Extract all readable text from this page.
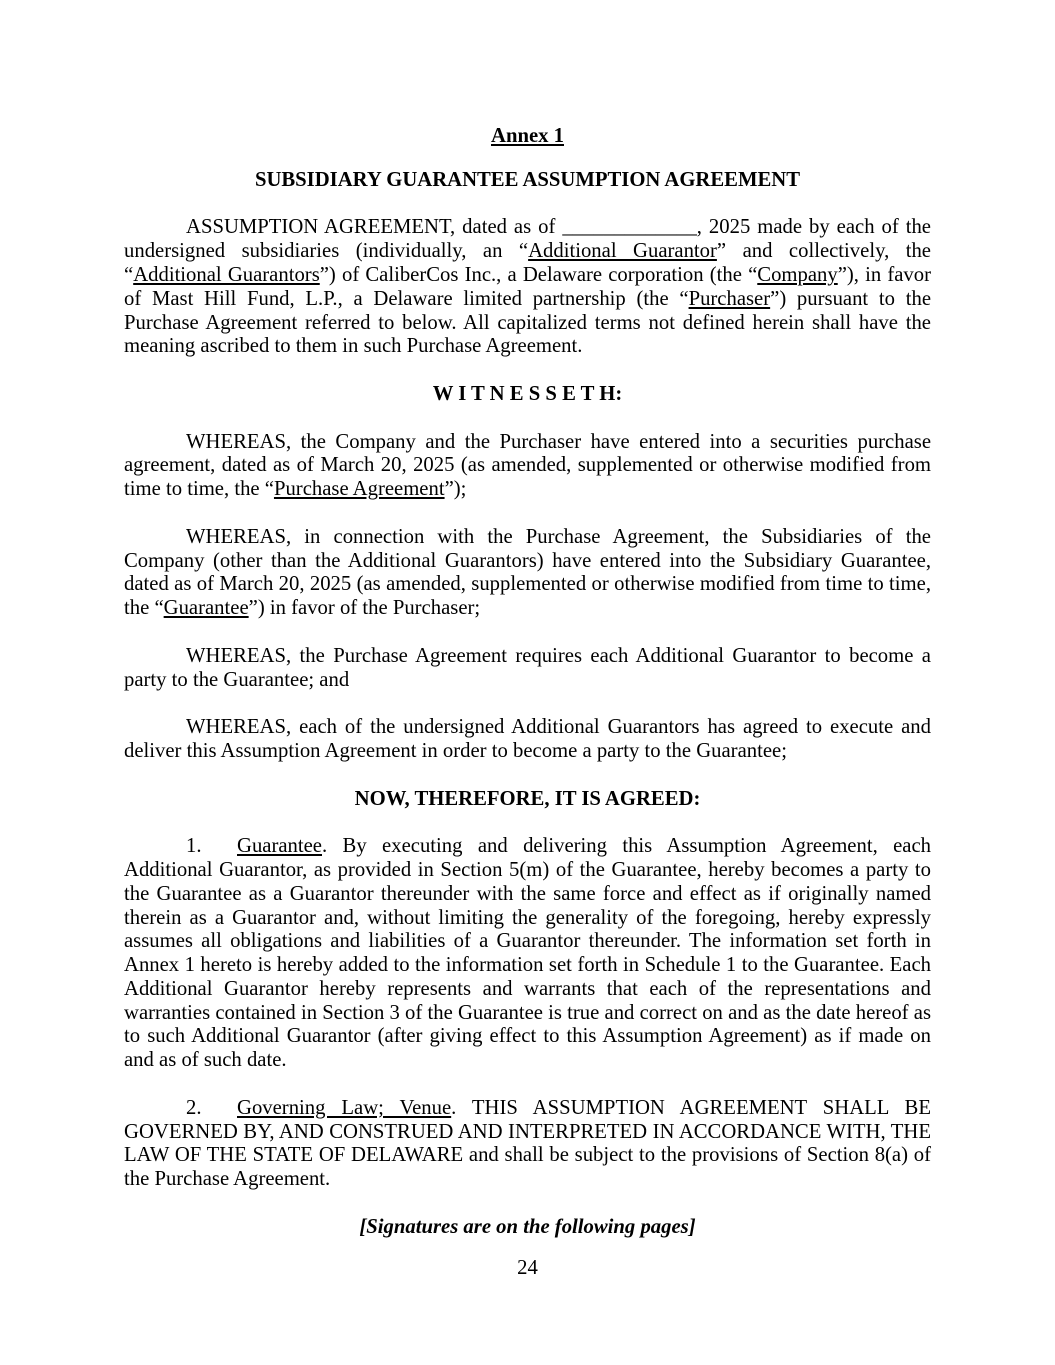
Annex 1
SUBSIDIARY GUARANTEE ASSUMPTION AGREEMENT

ASSUMPTION AGREEMENT, dated as of _____________, 2025 made by each of the undersigned subsidiaries (individually, an “Additional Guarantor” and collectively, the “Additional Guarantors”) of CaliberCos Inc., a Delaware corporation (the “Company”), in favor of Mast Hill Fund, L.P., a Delaware limited partnership (the “Purchaser”) pursuant to the Purchase Agreement referred to below. All capitalized terms not defined herein shall have the meaning ascribed to them in such Purchase Agreement.

W I T N E S S E T H:

WHEREAS, the Company and the Purchaser have entered into a securities purchase agreement, dated as of March 20, 2025 (as amended, supplemented or otherwise modified from time to time, the “Purchase Agreement”);

WHEREAS, in connection with the Purchase Agreement, the Subsidiaries of the Company (other than the Additional Guarantors) have entered into the Subsidiary Guarantee, dated as of March 20, 2025 (as amended, supplemented or otherwise modified from time to time, the “Guarantee”) in favor of the Purchaser;

WHEREAS, the Purchase Agreement requires each Additional Guarantor to become a party to the Guarantee; and

WHEREAS, each of the undersigned Additional Guarantors has agreed to execute and deliver this Assumption Agreement in order to become a party to the Guarantee;

NOW, THEREFORE, IT IS AGREED:

1. Guarantee. By executing and delivering this Assumption Agreement, each Additional Guarantor, as provided in Section 5(m) of the Guarantee, hereby becomes a party to the Guarantee as a Guarantor thereunder with the same force and effect as if originally named therein as a Guarantor and, without limiting the generality of the foregoing, hereby expressly assumes all obligations and liabilities of a Guarantor thereunder. The information set forth in Annex 1 hereto is hereby added to the information set forth in Schedule 1 to the Guarantee. Each Additional Guarantor hereby represents and warrants that each of the representations and warranties contained in Section 3 of the Guarantee is true and correct on and as the date hereof as to such Additional Guarantor (after giving effect to this Assumption Agreement) as if made on and as of such date.

2. Governing Law; Venue. THIS ASSUMPTION AGREEMENT SHALL BE GOVERNED BY, AND CONSTRUED AND INTERPRETED IN ACCORDANCE WITH, THE LAW OF THE STATE OF DELAWARE and shall be subject to the provisions of Section 8(a) of the Purchase Agreement.

[Signatures are on the following pages]
24
